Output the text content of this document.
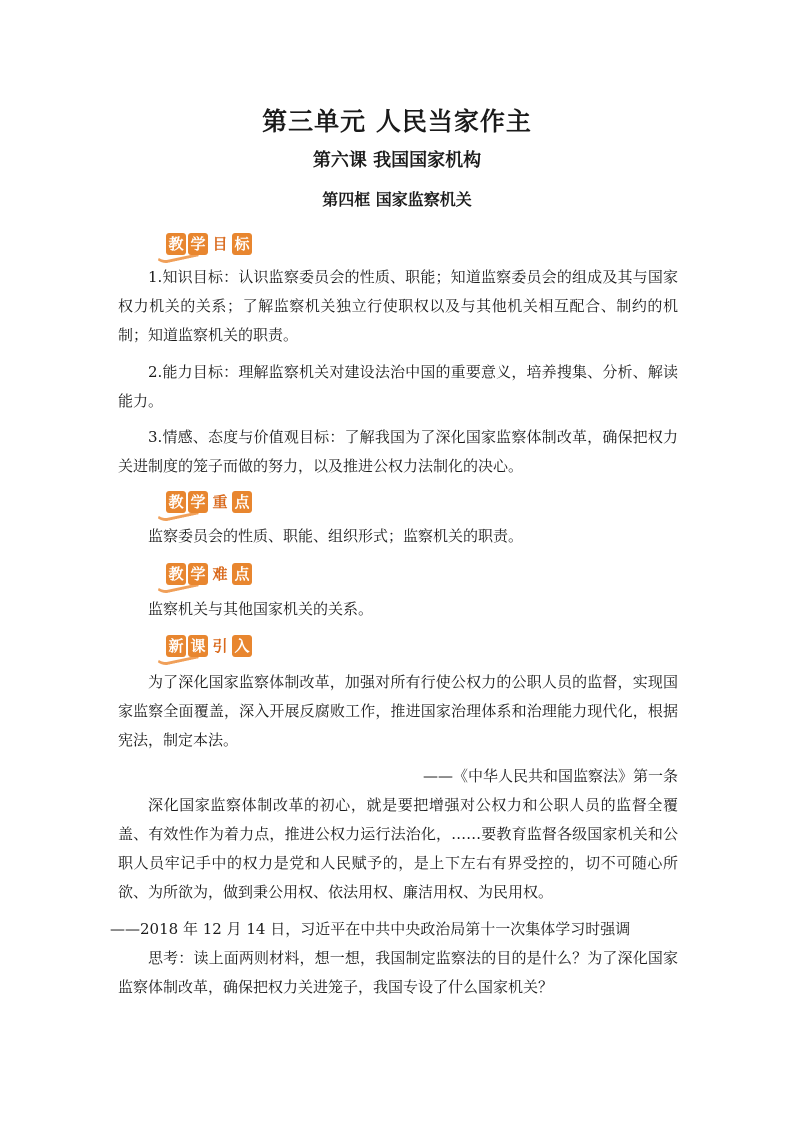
第三单元 人民当家作主
第六课 我国国家机构
第四框 国家监察机关
教 学 目 标

1.知识目标：认识监察委员会的性质、职能；知道监察委员会的组成及其与国家权力机关的关系；了解监察机关独立行使职权以及与其他机关相互配合、制约的机制；知道监察机关的职责。

2.能力目标：理解监察机关对建设法治中国的重要意义，培养搜集、分析、解读能力。

3.情感、态度与价值观目标：了解我国为了深化国家监察体制改革，确保把权力关进制度的笼子而做的努力，以及推进公权力法制化的决心。

教 学 重 点

监察委员会的性质、职能、组织形式；监察机关的职责。

教 学 难 点

监察机关与其他国家机关的关系。

新 课 引 入

为了深化国家监察体制改革，加强对所有行使公权力的公职人员的监督，实现国家监察全面覆盖，深入开展反腐败工作，推进国家治理体系和治理能力现代化，根据宪法，制定本法。

——《中华人民共和国监察法》第一条

深化国家监察体制改革的初心，就是要把增强对公权力和公职人员的监督全覆盖、有效性作为着力点，推进公权力运行法治化，……要教育监督各级国家机关和公职人员牢记手中的权力是党和人民赋予的，是上下左右有界受控的，切不可随心所欲、为所欲为，做到秉公用权、依法用权、廉洁用权、为民用权。

——2018 年 12 月 14 日，习近平在中共中央政治局第十一次集体学习时强调

思考：读上面两则材料，想一想，我国制定监察法的目的是什么？为了深化国家监察体制改革，确保把权力关进笼子，我国专设了什么国家机关？
